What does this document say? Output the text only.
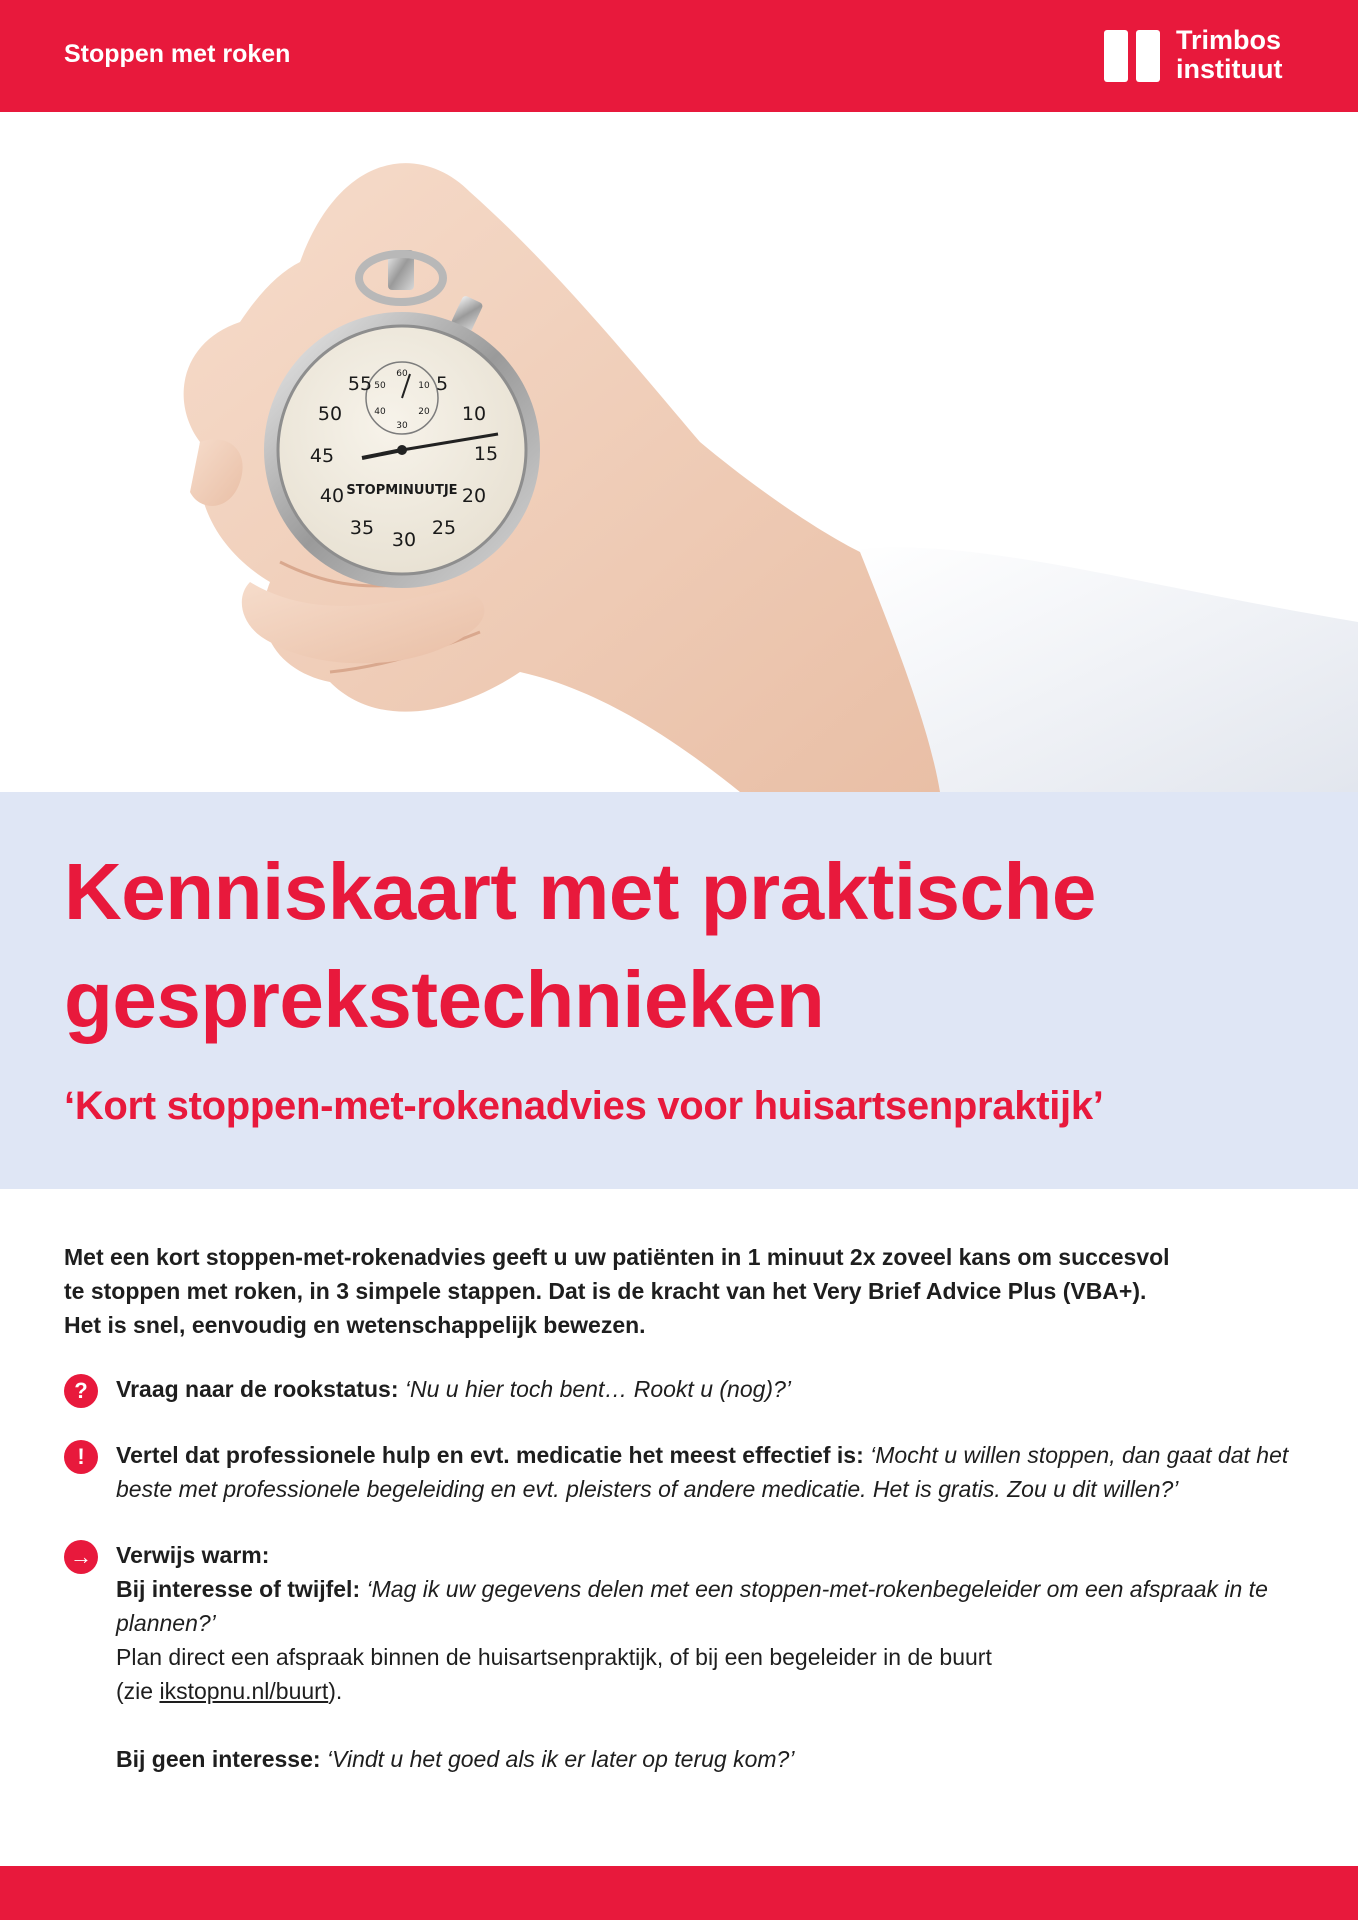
Stoppen met roken	Trimbos
instituut
50
55	5
10
15
20
25
30
35
40
45
60
10
20
30
40
50
STOPMINUUTJE
Kenniskaart met praktische
gesprekstechnieken
‘Kort stoppen-met-rokenadvies voor huisartsenpraktijk’

Met een kort stoppen-met-rokenadvies geeft u uw patiënten in 1 minuut 2x zoveel kans om succesvol
te stoppen met roken, in 3 simpele stappen. Dat is de kracht van het Very Brief Advice Plus (VBA+).
Het is snel, eenvoudig en wetenschappelijk bewezen.

?	Vraag naar de rookstatus: ‘Nu u hier toch bent… Rookt u (nog)?’
!	Vertel dat professionele hulp en evt. medicatie het meest effectief is: ‘Mocht u willen stoppen, dan gaat dat het beste met professionele begeleiding en evt. pleisters of andere medicatie. Het is gratis. Zou u dit willen?’
→ Verwijs warm:
Bij interesse of twijfel: ‘Mag ik uw gegevens delen met een stoppen-met-rokenbegeleider om een afspraak in te plannen?’
Plan direct een afspraak binnen de huisartsenpraktijk, of bij een begeleider in de buurt
(zie ikstopnu.nl/buurt).
Bij geen interesse: ‘Vindt u het goed als ik er later op terug kom?’
